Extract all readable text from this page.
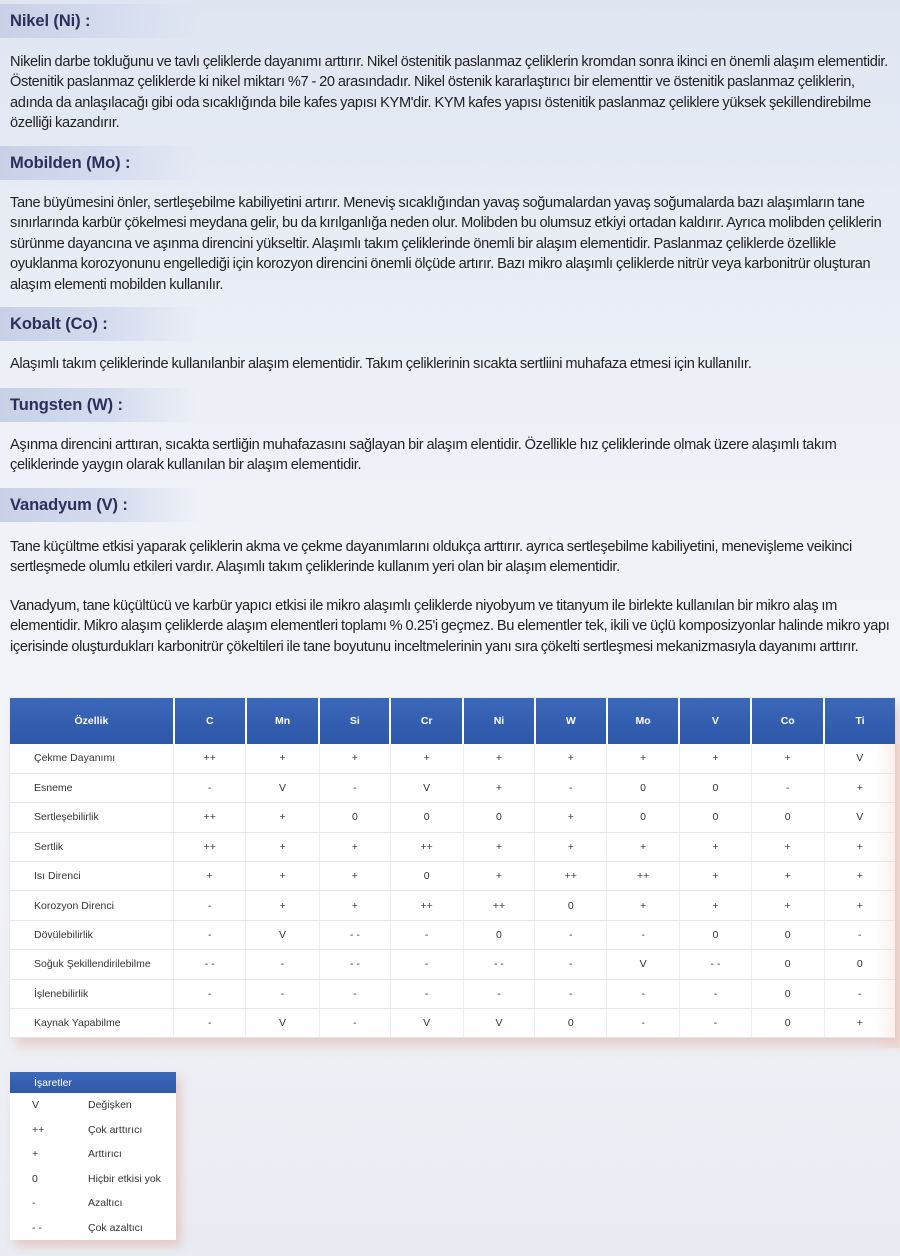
Nikel (Ni) :
Nikelin darbe tokluğunu ve tavlı çeliklerde dayanımı arttırır. Nikel östenitik paslanmaz çeliklerin kromdan sonra ikinci en önemli alaşım elementidir. Östenitik paslanmaz çeliklerde ki nikel miktarı %7 - 20 arasındadır. Nikel östenik kararlaştırıcı bir elementtir ve östenitik paslanmaz çeliklerin, adında da anlaşılacağı gibi oda sıcaklığında bile kafes yapısı KYM'dir. KYM kafes yapısı östenitik paslanmaz çeliklere yüksek şekillendirebilme özelliği kazandırır.
Mobilden (Mo) :
Tane büyümesini önler, sertleşebilme kabiliyetini artırır. Meneviş sıcaklığından yavaş soğumalardan yavaş soğumalarda bazı alaşımların tane sınırlarında karbür çökelmesi meydana gelir, bu da kırılganlığa neden olur. Molibden bu olumsuz etkiyi ortadan kaldırır. Ayrıca molibden çeliklerin sürünme dayancına ve aşınma direncini yükseltir. Alaşımlı takım çeliklerinde önemli bir alaşım elementidir. Paslanmaz çeliklerde özellikle oyuklanma korozyonunu engellediği için korozyon direncini önemli ölçüde artırır. Bazı mikro alaşımlı çeliklerde nitrür veya karbonitrür oluşturan alaşım elementi mobilden kullanılır.
Kobalt (Co) :
Alaşımlı takım çeliklerinde kullanılanbir alaşım elementidir. Takım çeliklerinin sıcakta sertliini muhafaza etmesi için kullanılır.
Tungsten (W) :
Aşınma direncini arttıran, sıcakta sertliğin muhafazasını sağlayan bir alaşım elentidir. Özellikle hız çeliklerinde olmak üzere alaşımlı takım çeliklerinde yaygın olarak kullanılan bir alaşım elementidir.
Vanadyum (V) :
Tane küçültme etkisi yaparak çeliklerin akma ve çekme dayanımlarını oldukça arttırır. ayrıca sertleşebilme kabiliyetini, menevişleme veikinci sertleşmede olumlu etkileri vardır. Alaşımlı takım çeliklerinde kullanım yeri olan bir alaşım elementidir.
Vanadyum, tane küçültücü ve karbür yapıcı etkisi ile mikro alaşımlı çeliklerde niyobyum ve titanyum ile birlekte kullanılan bir mikro alaş ım elementidir. Mikro alaşım çeliklerde alaşım elementleri toplamı % 0.25'i geçmez. Bu elementler tek, ikili ve üçlü komposizyonlar halinde mikro yapı içerisinde oluşturdukları karbonitrür çökeltileri ile tane boyutunu inceltmelerinin yanı sıra çökelti sertleşmesi mekanizmasıyla dayanımı arttırır.
Özellik	C	Mn	Si	Cr	Ni	W	Mo	V	Co	Ti
Çekme Dayanımı	++	+	+	+	+	+	+	+	+	V
Esneme	-	V	-	V	+	-	0	0	-	+
Sertleşebilirlik	++	+	0	0	0	+	0	0	0	V
Sertlik	++	+	+	++	+	+	+	+	+	+
Isı Direnci	+	+	+	0	+	++	++	+	+	+
Korozyon Direnci	-	+	+	++	++	0	+	+	+	+
Dövülebilirlik	-	V	- -	-	0	-	-	0	0	-
Soğuk Şekillendirilebilme	- -	-	- -	-	- -	-	V	- -	0	0
İşlenebilirlik	-	-	-	-	-	-	-	-	0	-
Kaynak Yapabilme	-	V	-	V	V	0	-	-	0	+
İşaretler
V	Değişken
++	Çok arttırıcı
+	Arttırıcı
0	Hiçbir etkisi yok
-	Azaltıcı
- -	Çok azaltıcı
